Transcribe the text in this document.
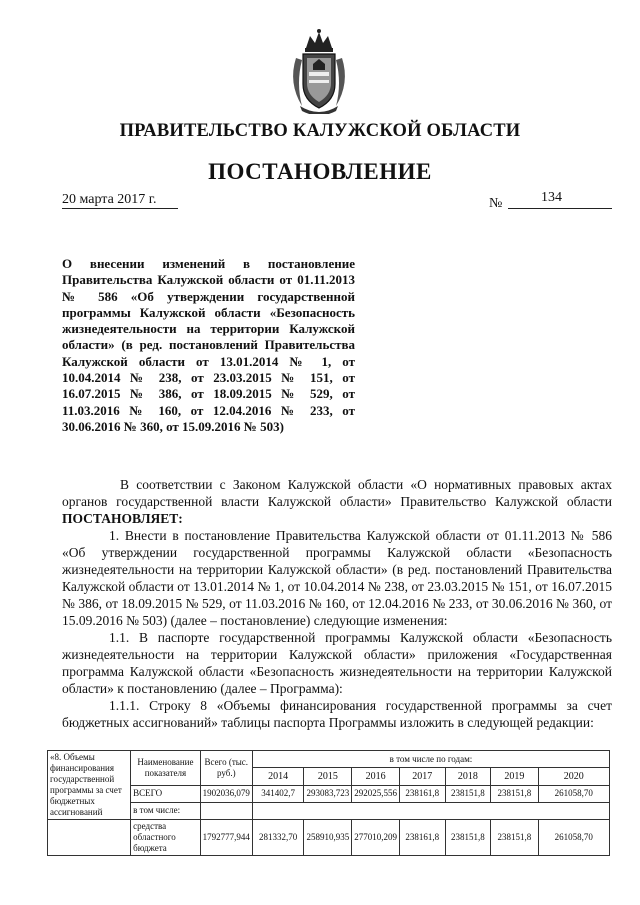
ПРАВИТЕЛЬСТВО КАЛУЖСКОЙ ОБЛАСТИ
ПОСТАНОВЛЕНИЕ
20 марта 2017 г.	№	134
О внесении изменений в постановление Правительства Калужской области от 01.11.2013 № 586 «Об утверждении государственной программы Калужской области «Безопасность жизнедеятельности на территории Калужской области» (в ред. постановлений Правительства Калужской области от 13.01.2014 № 1, от 10.04.2014 № 238, от 23.03.2015 № 151, от 16.07.2015 № 386, от 18.09.2015 № 529, от 11.03.2016 № 160, от 12.04.2016 № 233, от 30.06.2016 № 360, от 15.09.2016 № 503)

В соответствии с Законом Калужской области «О нормативных правовых актах органов государственной власти Калужской области» Правительство Калужской области ПОСТАНОВЛЯЕТ:

1. Внести в постановление Правительства Калужской области от 01.11.2013 № 586 «Об утверждении государственной программы Калужской области «Безопасность жизнедеятельности на территории Калужской области» (в ред. постановлений Правительства Калужской области от 13.01.2014 № 1, от 10.04.2014 № 238, от 23.03.2015 № 151, от 16.07.2015 № 386, от 18.09.2015 № 529, от 11.03.2016 № 160, от 12.04.2016 № 233, от 30.06.2016 № 360, от 15.09.2016 № 503) (далее – постановление) следующие изменения:

1.1. В паспорте государственной программы Калужской области «Безопасность жизнедеятельности на территории Калужской области» приложения «Государственная программа Калужской области «Безопасность жизнедеятельности на территории Калужской области» к постановлению (далее – Программа):

1.1.1. Строку 8 «Объемы финансирования государственной программы за счет бюджетных ассигнований» таблицы паспорта Программы изложить в следующей редакции:

«8. Объемы финансирования государственной программы за счет бюджетных ассигнований	Наименование показателя	Всего (тыс. руб.)	в том числе по годам:						
			2014	2015	2016	2017	2018	2019	2020
	ВСЕГО	1902036,079	341402,7	293083,723	292025,556	238161,8	238151,8	238151,8	261058,70
	в том числе:								
	средства областного бюджета	1792777,944	281332,70	258910,935	277010,209	238161,8	238151,8	238151,8	261058,70
